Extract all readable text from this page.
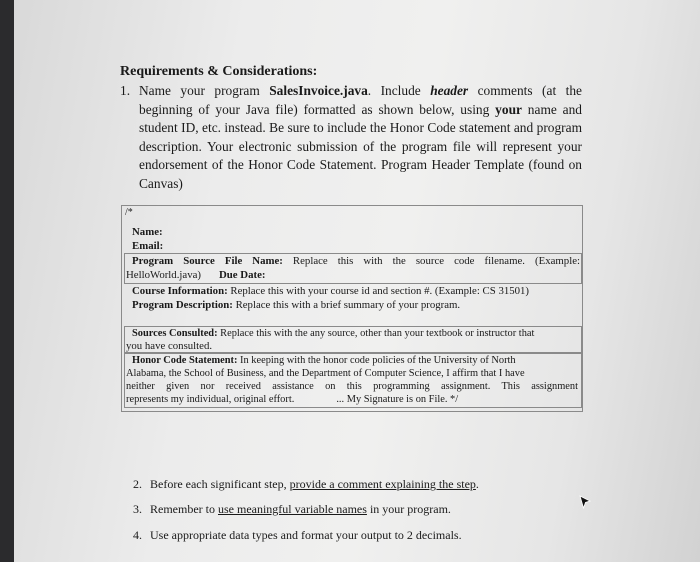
Requirements & Considerations:
1. Name your program SalesInvoice.java. Include header comments (at the beginning of your Java file) formatted as shown below, using your name and student ID, etc. instead. Be sure to include the Honor Code statement and program description. Your electronic submission of the program file will represent your endorsement of the Honor Code Statement. Program Header Template (found on Canvas)
/*
Name:
Email:
Program Source File Name: Replace this with the source code filename. (Example:
HelloWorld.java) Due Date:
Course Information: Replace this with your course id and section #. (Example: CS 31501)
Program Description: Replace this with a brief summary of your program.
Sources Consulted: Replace this with the any source, other than your textbook or instructor that
you have consulted.
Honor Code Statement: In keeping with the honor code policies of the University of North
Alabama, the School of Business, and the Department of Computer Science, I affirm that I have
neither given nor received assistance on this programming assignment. This assignment
represents my individual, original effort.	... My Signature is on File. */
2. Before each significant step, provide a comment explaining the step.
3. Remember to use meaningful variable names in your program.
4. Use appropriate data types and format your output to 2 decimals.
